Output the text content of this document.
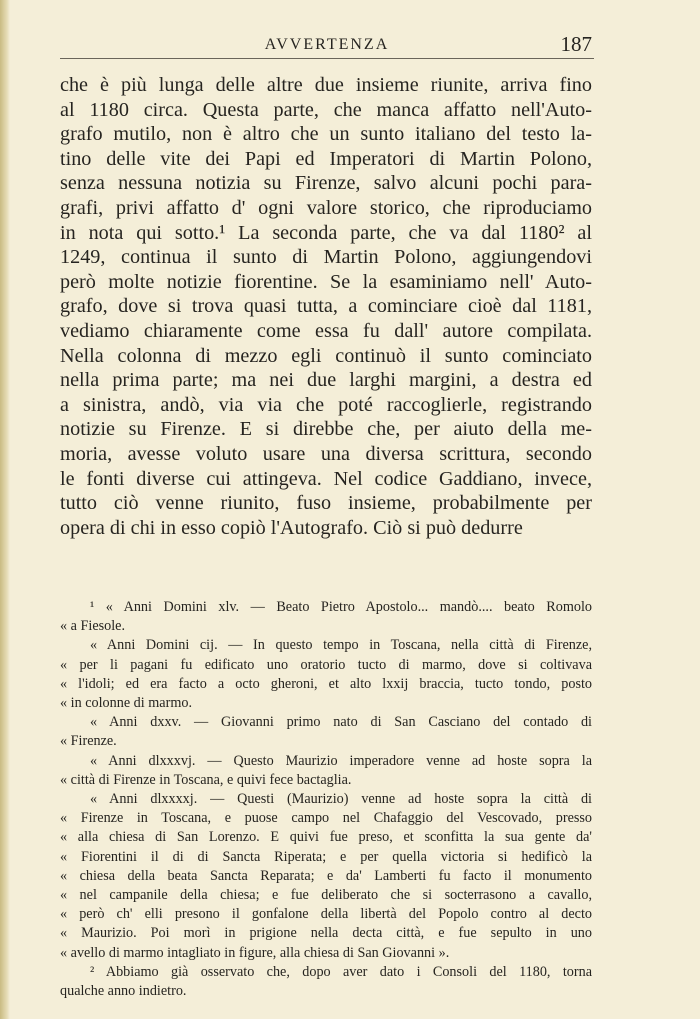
AVVERTENZA	187
che è più lunga delle altre due insieme riunite, arriva fino
al 1180 circa. Questa parte, che manca affatto nell'Auto-
grafo mutilo, non è altro che un sunto italiano del testo la-
tino delle vite dei Papi ed Imperatori di Martin Polono,
senza nessuna notizia su Firenze, salvo alcuni pochi para-
grafi, privi affatto d' ogni valore storico, che riproduciamo
in nota qui sotto.¹ La seconda parte, che va dal 1180² al
1249, continua il sunto di Martin Polono, aggiungendovi
però molte notizie fiorentine. Se la esaminiamo nell' Auto-
grafo, dove si trova quasi tutta, a cominciare cioè dal 1181,
vediamo chiaramente come essa fu dall' autore compilata.
Nella colonna di mezzo egli continuò il sunto cominciato
nella prima parte; ma nei due larghi margini, a destra ed
a sinistra, andò, via via che poté raccoglierle, registrando
notizie su Firenze. E si direbbe che, per aiuto della me-
moria, avesse voluto usare una diversa scrittura, secondo
le fonti diverse cui attingeva. Nel codice Gaddiano, invece,
tutto ciò venne riunito, fuso insieme, probabilmente per
opera di chi in esso copiò l'Autografo. Ciò si può dedurre
¹ « Anni Domini xlv. — Beato Pietro Apostolo... mandò.... beato Romolo
« a Fiesole.
« Anni Domini cij. — In questo tempo in Toscana, nella città di Firenze,
« per li pagani fu edificato uno oratorio tucto di marmo, dove si coltivava
« l'idoli; ed era facto a octo gheroni, et alto lxxij braccia, tucto tondo, posto
« in colonne di marmo.
« Anni dxxv. — Giovanni primo nato di San Casciano del contado di
« Firenze.
« Anni dlxxxvj. — Questo Maurizio imperadore venne ad hoste sopra la
« città di Firenze in Toscana, e quivi fece bactaglia.
« Anni dlxxxxj. — Questi (Maurizio) venne ad hoste sopra la città di
« Firenze in Toscana, e puose campo nel Chafaggio del Vescovado, presso
« alla chiesa di San Lorenzo. E quivi fue preso, et sconfitta la sua gente da'
« Fiorentini il di di Sancta Riperata; e per quella victoria si hedificò la
« chiesa della beata Sancta Reparata; e da' Lamberti fu facto il monumento
« nel campanile della chiesa; e fue deliberato che si socterrasono a cavallo,
« però ch' elli presono il gonfalone della libertà del Popolo contro al decto
« Maurizio. Poi morì in prigione nella decta città, e fue sepulto in uno
« avello di marmo intagliato in figure, alla chiesa di San Giovanni ».
² Abbiamo già osservato che, dopo aver dato i Consoli del 1180, torna
qualche anno indietro.
